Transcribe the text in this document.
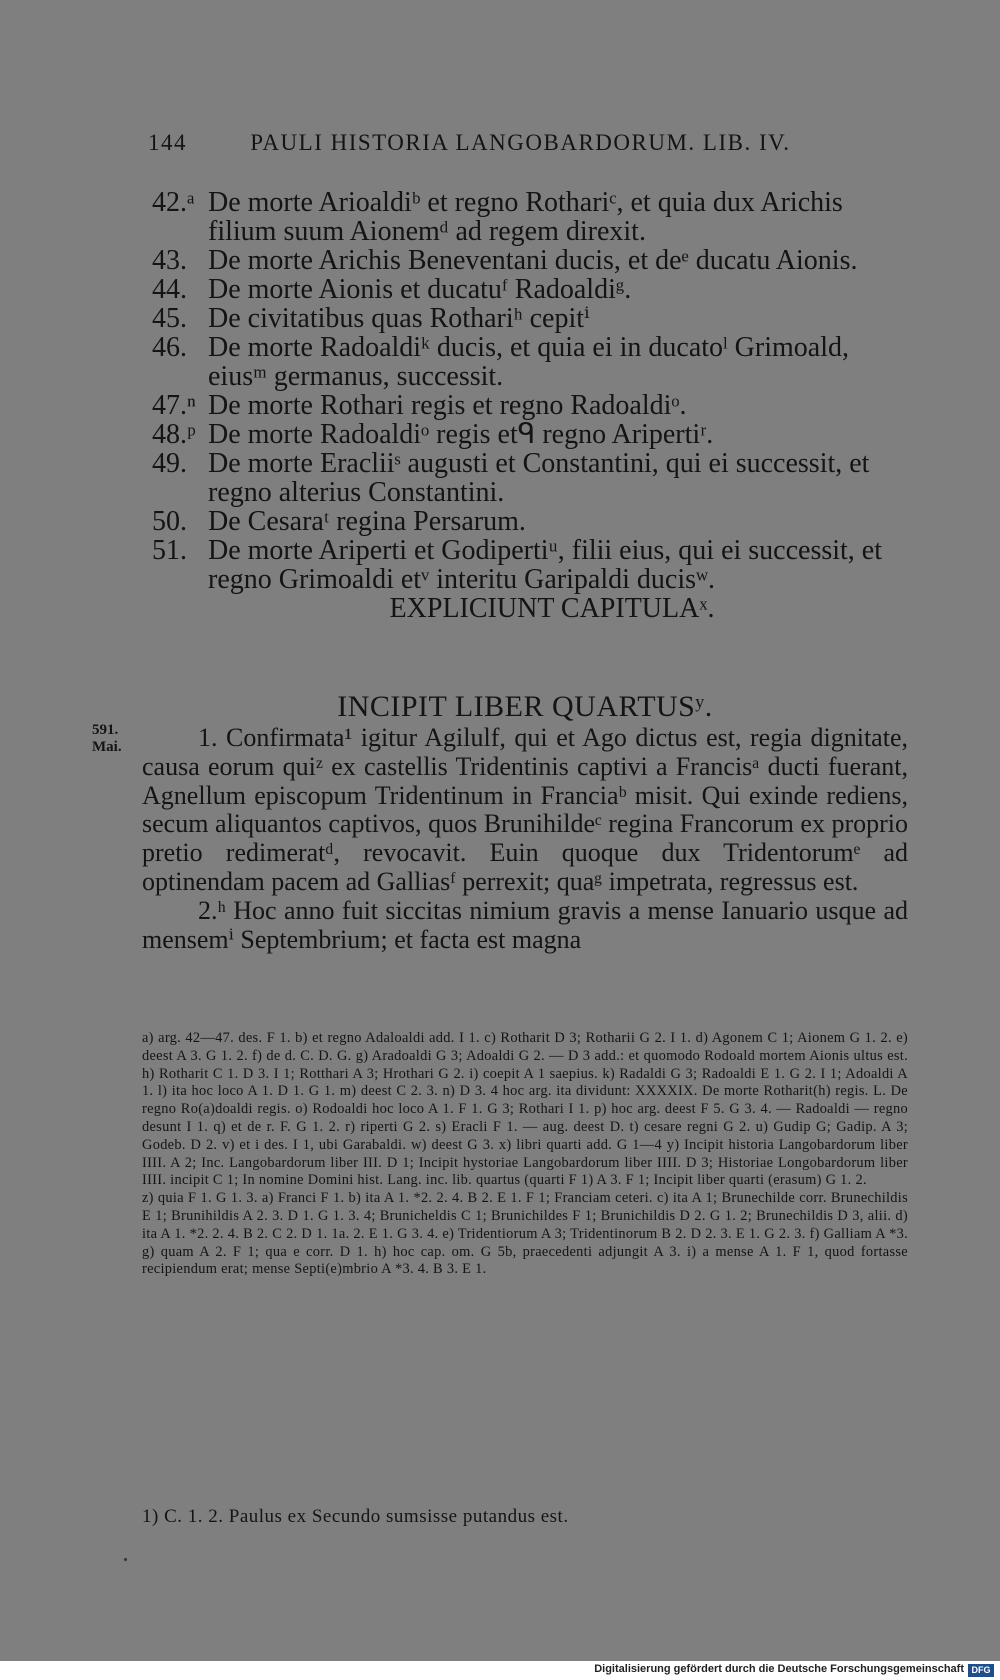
144	PAULI HISTORIA LANGOBARDORUM. LIB. IV.
42.ᵃ De morte Arioaldiᵇ et regno Rothariᶜ, et quia dux Arichis filium suum Aionemᵈ ad regem direxit.
43. De morte Arichis Beneventani ducis, et deᵉ ducatu Aionis.
44. De morte Aionis et ducatuᶠ Radoaldiᵍ.
45. De civitatibus quas Rothariʰ cepitⁱ
46. De morte Radoaldiᵏ ducis, et quia ei in ducatoˡ Grimoald, eiusᵐ germanus, successit.
47.ⁿ De morte Rothari regis et regno Radoaldiᵒ.
48.ᵖ De morte Radoaldiᵒ regis etᑫ regno Aripertiʳ.
49. De morte Eracliiˢ augusti et Constantini, qui ei successit, et regno alterius Constantini.
50. De Cesaraᵗ regina Persarum.
51. De morte Ariperti et Godipertiᵘ, filii eius, qui ei successit, et regno Grimoaldi etᵛ interitu Garipaldi ducisʷ.
EXPLICIUNT CAPITULAˣ.
INCIPIT LIBER QUARTUSʸ.
591.
Mai.	1. Confirmata¹ igitur Agilulf, qui et Ago dictus est, regia dignitate, causa eorum quiᶻ ex castellis Tridentinis captivi a Francisᵃ ducti fuerant, Agnellum episcopum Tridentinum in Franciaᵇ misit. Qui exinde rediens, secum aliquantos captivos, quos Brunihildeᶜ regina Francorum ex proprio pretio redimeratᵈ, revocavit. Euin quoque dux Tridentorumᵉ ad optinendam pacem ad Galliasᶠ perrexit; quaᵍ impetrata, regressus est.

2.ʰ Hoc anno fuit siccitas nimium gravis a mense Ianuario usque ad mensemⁱ Septembrium; et facta est magna

a) arg. 42—47. des. F 1. b) et regno Adaloaldi add. I 1. c) Rotharit D 3; Rotharii G 2. I 1. d) Agonem C 1; Aionem G 1. 2. e) deest A 3. G 1. 2. f) de d. C. D. G. g) Aradoaldi G 3; Adoaldi G 2. — D 3 add.: et quomodo Rodoald mortem Aionis ultus est. h) Rotharit C 1. D 3. I 1; Rotthari A 3; Hrothari G 2. i) coepit A 1 saepius. k) Radaldi G 3; Radoaldi E 1. G 2. I 1; Adoaldi A 1. l) ita hoc loco A 1. D 1. G 1. m) deest C 2. 3. n) D 3. 4 hoc arg. ita dividunt: XXXXIX. De morte Rotharit(h) regis. L. De regno Ro(a)doaldi regis. o) Rodoaldi hoc loco A 1. F 1. G 3; Rothari I 1. p) hoc arg. deest F 5. G 3. 4. — Radoaldi — regno desunt I 1. q) et de r. F. G 1. 2. r) riperti G 2. s) Eracli F 1. — aug. deest D. t) cesare regni G 2. u) Gudip G; Gadip. A 3; Godeb. D 2. v) et i des. I 1, ubi Garabaldi. w) deest G 3. x) libri quarti add. G 1—4 y) Incipit historia Langobardorum liber IIII. A 2; Inc. Langobardorum liber III. D 1; Incipit hystoriae Langobardorum liber IIII. D 3; Historiae Longobardorum liber IIII. incipit C 1; In nomine Domini hist. Lang. inc. lib. quartus (quarti F 1) A 3. F 1; Incipit liber quarti (erasum) G 1. 2.

z) quia F 1. G 1. 3. a) Franci F 1. b) ita A 1. *2. 2. 4. B 2. E 1. F 1; Franciam ceteri. c) ita A 1; Brunechilde corr. Brunechildis E 1; Brunihildis A 2. 3. D 1. G 1. 3. 4; Brunicheldis C 1; Brunichildes F 1; Brunichildis D 2. G 1. 2; Brunechildis D 3, alii. d) ita A 1. *2. 2. 4. B 2. C 2. D 1. 1a. 2. E 1. G 3. 4. e) Tridentiorum A 3; Tridentinorum B 2. D 2. 3. E 1. G 2. 3. f) Galliam A *3. g) quam A 2. F 1; qua e corr. D 1. h) hoc cap. om. G 5b, praecedenti adjungit A 3. i) a mense A 1. F 1, quod fortasse recipiendum erat; mense Septi(e)mbrio A *3. 4. B 3. E 1.

1) C. 1. 2. Paulus ex Secundo sumsisse putandus est.
Digitalisierung gefördert durch die Deutsche Forschungsgemeinschaft DFG
